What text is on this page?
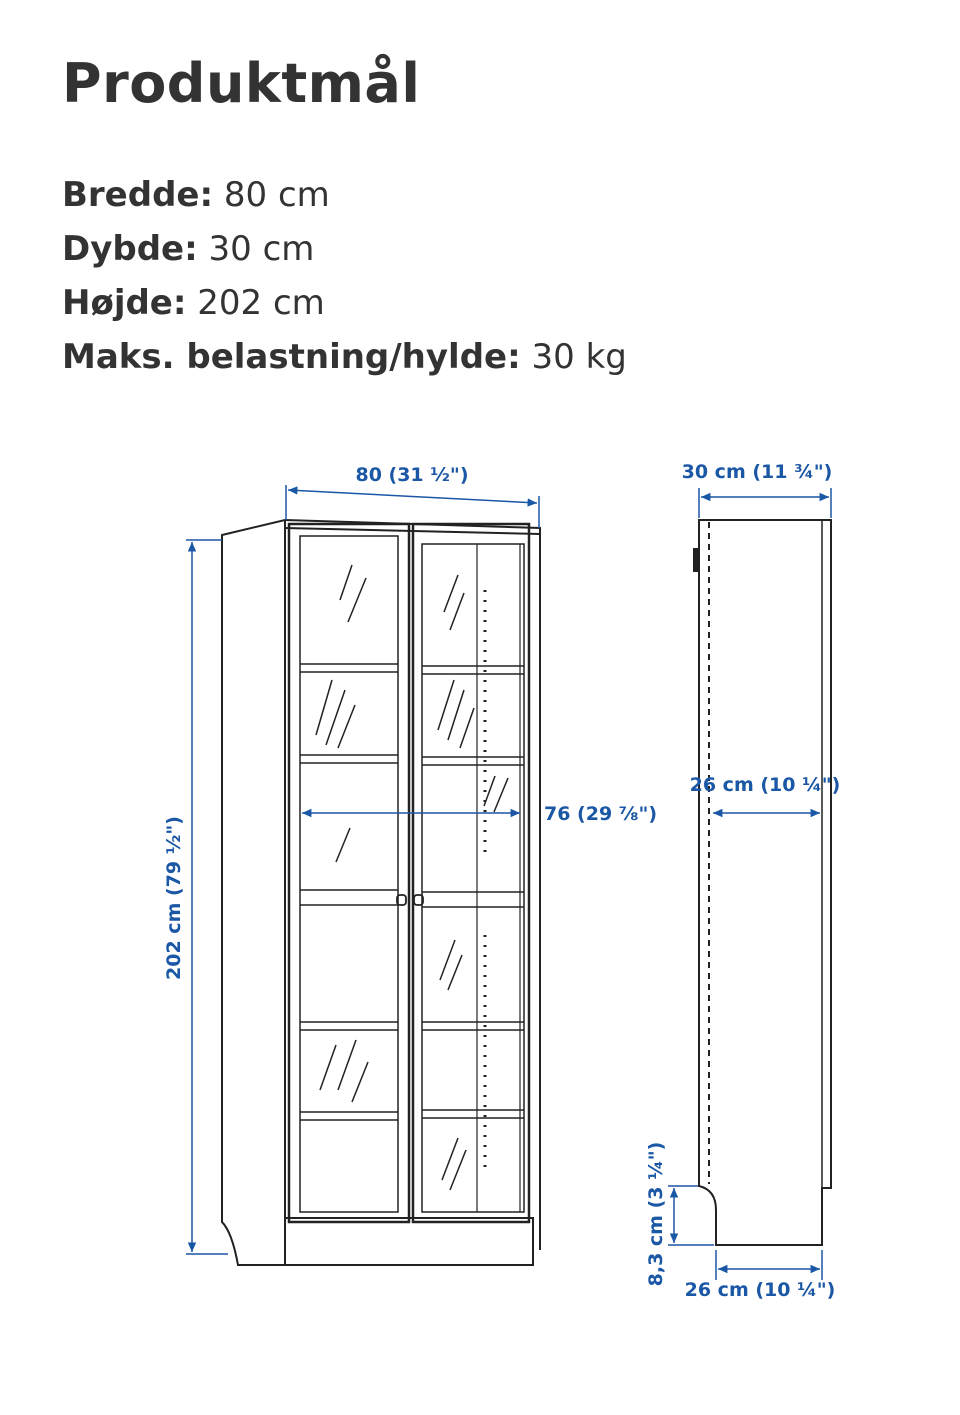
Produktmål
Bredde: 80 cm
Dybde: 30 cm
Højde: 202 cm
Maks. belastning/hylde: 30 kg
80 (31 ½")
76 (29 ⅞")
202 cm (79 ½")
30 cm (11 ¾")
26 cm (10 ¼")
26 cm (10 ¼")
8,3 cm (3 ¼")
